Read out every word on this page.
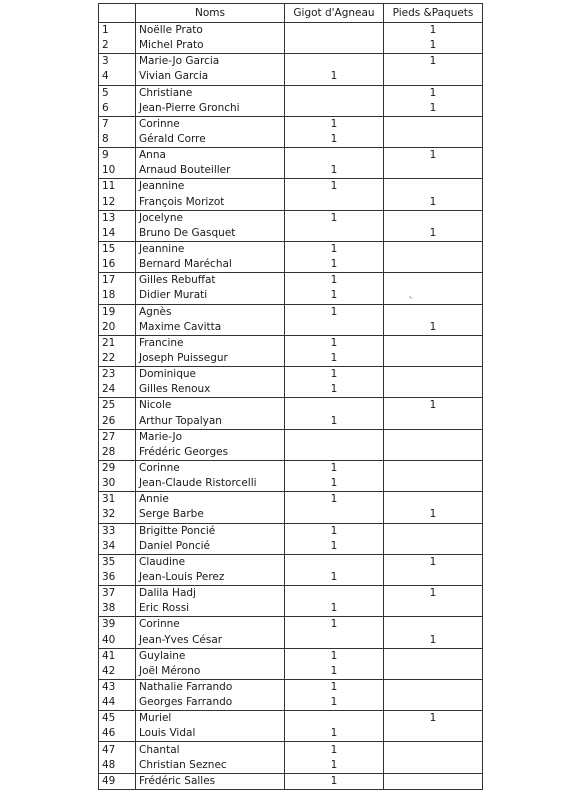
	Noms	Gigot d'Agneau	Pieds &Paquets
1	Noëlle Prato		1
2	Michel Prato		1
3	Marie-Jo Garcia		1
4	Vivian Garcia	1	
5	Christiane		1
6	Jean-Pierre Gronchi		1
7	Corinne	1	
8	Gérald Corre	1	
9	Anna		1
10	Arnaud Bouteiller	1	
11	Jeannine	1	
12	François Morizot		1
13	Jocelyne	1	
14	Bruno De Gasquet		1
15	Jeannine	1	
16	Bernard Maréchal	1	
17	Gilles Rebuffat	1	
18	Didier Murati	1	
19	Agnès	1	
20	Maxime Cavitta		1
21	Francine	1	
22	Joseph Puissegur	1	
23	Dominique	1	
24	Gilles Renoux	1	
25	Nicole		1
26	Arthur Topalyan	1	
27	Marie-Jo		
28	Frédéric Georges		
29	Corinne	1	
30	Jean-Claude Ristorcelli	1	
31	Annie	1	
32	Serge Barbe		1
33	Brigitte Poncié	1	
34	Daniel Poncié	1	
35	Claudine		1
36	Jean-Louis Perez	1	
37	Dalila Hadj		1
38	Eric Rossi	1	
39	Corinne	1	
40	Jean-Yves César		1
41	Guylaine	1	
42	Joël Mérono	1	
43	Nathalie Farrando	1	
44	Georges Farrando	1	
45	Muriel		1
46	Louis Vidal	1	
47	Chantal	1	
48	Christian Seznec	1	
49	Frédéric Salles	1	
